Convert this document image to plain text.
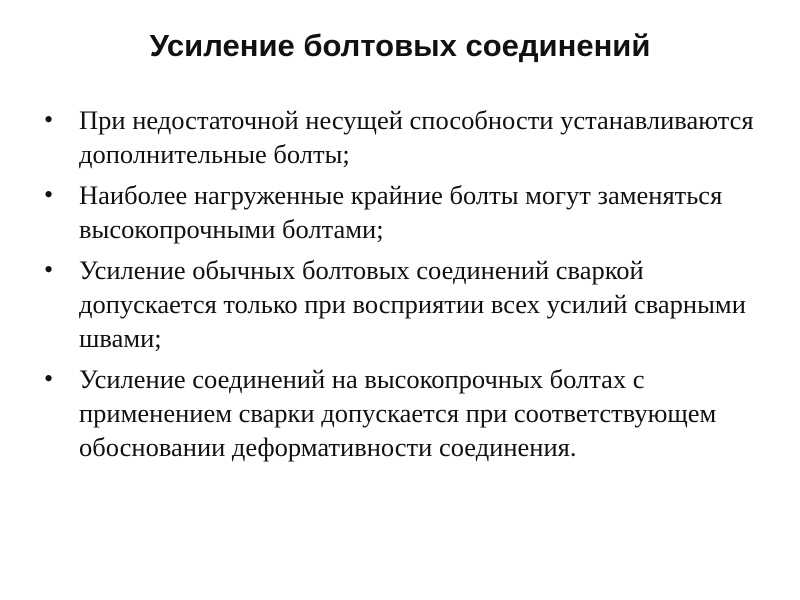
Усиление болтовых соединений
• При недостаточной несущей способности устанавливаются дополнительные болты;
• Наиболее нагруженные крайние болты могут заменяться высокопрочными болтами;
• Усиление обычных болтовых соединений сваркой допускается только при восприятии всех усилий сварными швами;
• Усиление соединений на высокопрочных болтах с применением сварки допускается при соответствующем обосновании деформативности соединения.
